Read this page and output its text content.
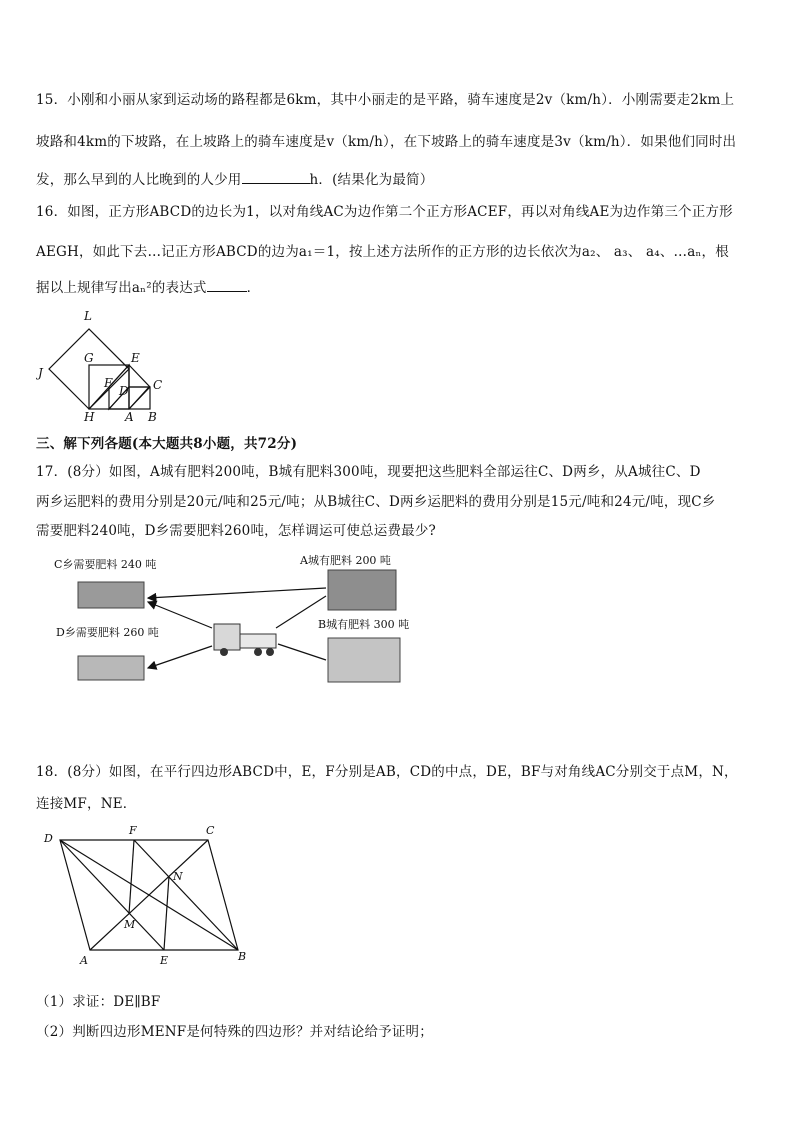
15．小刚和小丽从家到运动场的路程都是6km，其中小丽走的是平路，骑车速度是2v（km/h）．小刚需要走2km上
坡路和4km的下坡路，在上坡路上的骑车速度是v（km/h），在下坡路上的骑车速度是3v（km/h）．如果他们同时出
发，那么早到的人比晚到的人少用	h．(结果化为最简）
16．如图，正方形ABCD的边长为1，以对角线AC为边作第二个正方形ACEF，再以对角线AE为边作第三个正方形
AEGH，如此下去…记正方形ABCD的边为a₁＝1，按上述方法所作的正方形的边长依次为a₂、 a₃、 a₄、…aₙ，根
据以上规律写出aₙ²的表达式	．
L
G	E
J
F
D C
H	A B
三、解下列各题(本大题共8小题，共72分)
17．(8分）如图，A城有肥料200吨，B城有肥料300吨，现要把这些肥料全部运往C、D两乡，从A城往C、D
两乡运肥料的费用分别是20元/吨和25元/吨；从B城往C、D两乡运肥料的费用分别是15元/吨和24元/吨，现C乡
需要肥料240吨，D乡需要肥料260吨，怎样调运可使总运费最少?
C乡需要肥料 240 吨
D乡需要肥料 260 吨
A城有肥料 200 吨
B城有肥料 300 吨
18．(8分）如图，在平行四边形ABCD中，E，F分别是AB，CD的中点，DE，BF与对角线AC分别交于点M，N，
连接MF，NE．
D
F	C
N
M
A	E	B
（1）求证：DE∥BF
（2）判断四边形MENF是何特殊的四边形？并对结论给予证明；
